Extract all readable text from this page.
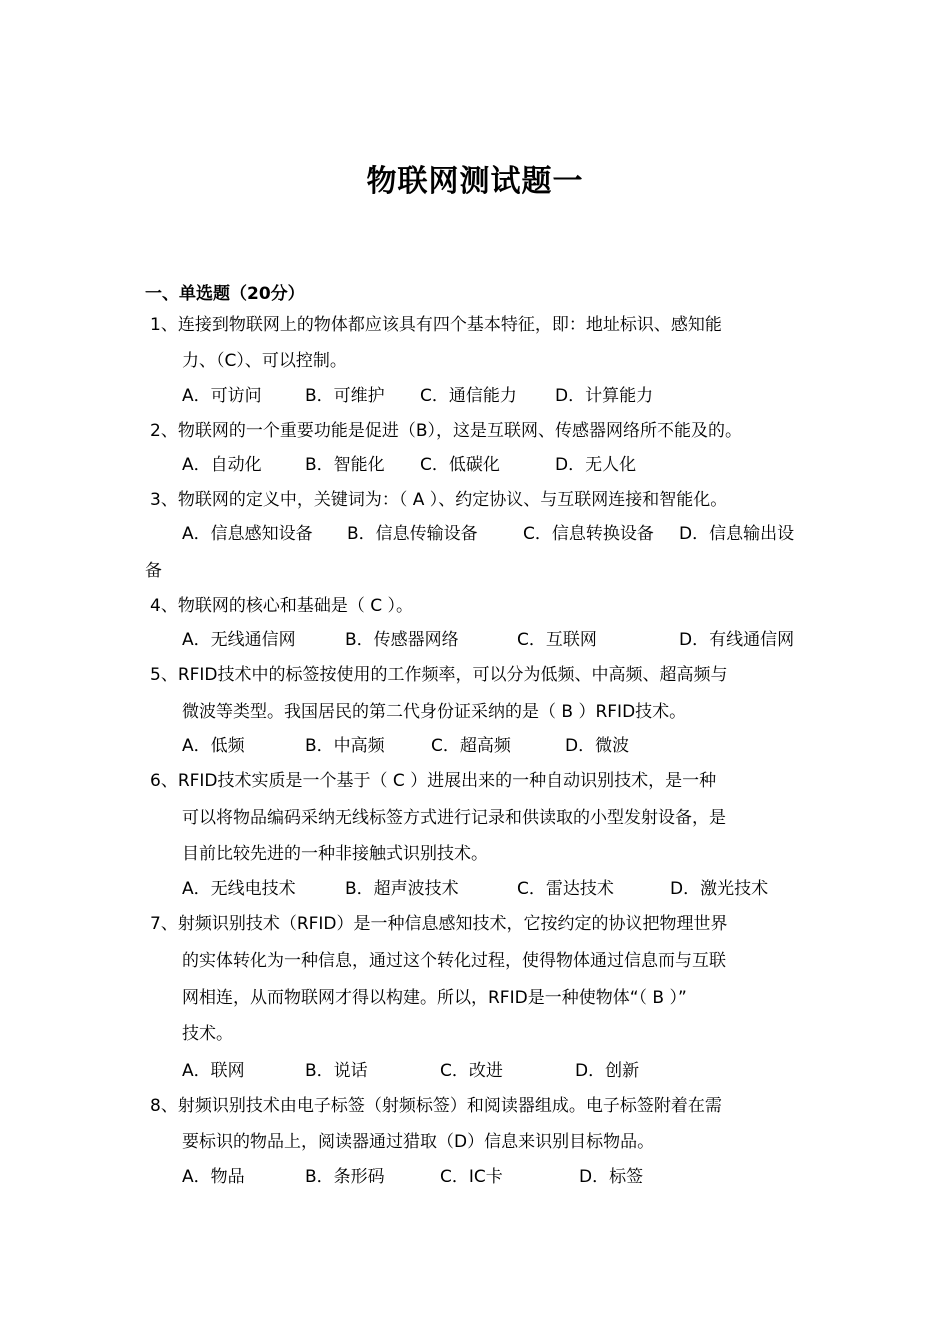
物联网测试题一
一、单选题（20分）
1、连接到物联网上的物体都应该具有四个基本特征，即：地址标识、感知能
力、（C）、可以控制。
A．可访问	B．可维护 C．通信能力 D．计算能力
2、物联网的一个重要功能是促进（B），这是互联网、传感器网络所不能及的。
A．自动化	B．智能化 C．低碳化	D．无人化
3、物联网的定义中，关键词为：（ A ）、约定协议、与互联网连接和智能化。
A．信息感知设备 B．信息传输设备	C．信息转换设备 D．信息输出设
备
4、物联网的核心和基础是（ C ）。
A．无线通信网	B．传感器网络	C．互联网	D．有线通信网
5、RFID技术中的标签按使用的工作频率，可以分为低频、中高频、超高频与
微波等类型。我国居民的第二代身份证采纳的是（ B ）RFID技术。
A．低频	B．中高频	C．超高频	D．微波
6、RFID技术实质是一个基于（ C ）进展出来的一种自动识别技术，是一种
可以将物品编码采纳无线标签方式进行记录和供读取的小型发射设备，是
目前比较先进的一种非接触式识别技术。
A．无线电技术	B．超声波技术	C．雷达技术	D．激光技术
7、射频识别技术（RFID）是一种信息感知技术，它按约定的协议把物理世界
的实体转化为一种信息，通过这个转化过程，使得物体通过信息而与互联
网相连，从而物联网才得以构建。所以，RFID是一种使物体“（ B ）”
技术。
A．联网	B．说话	C．改进	D．创新
8、射频识别技术由电子标签（射频标签）和阅读器组成。电子标签附着在需
要标识的物品上，阅读器通过猎取（D）信息来识别目标物品。
A．物品	B．条形码	C．IC卡	D．标签
